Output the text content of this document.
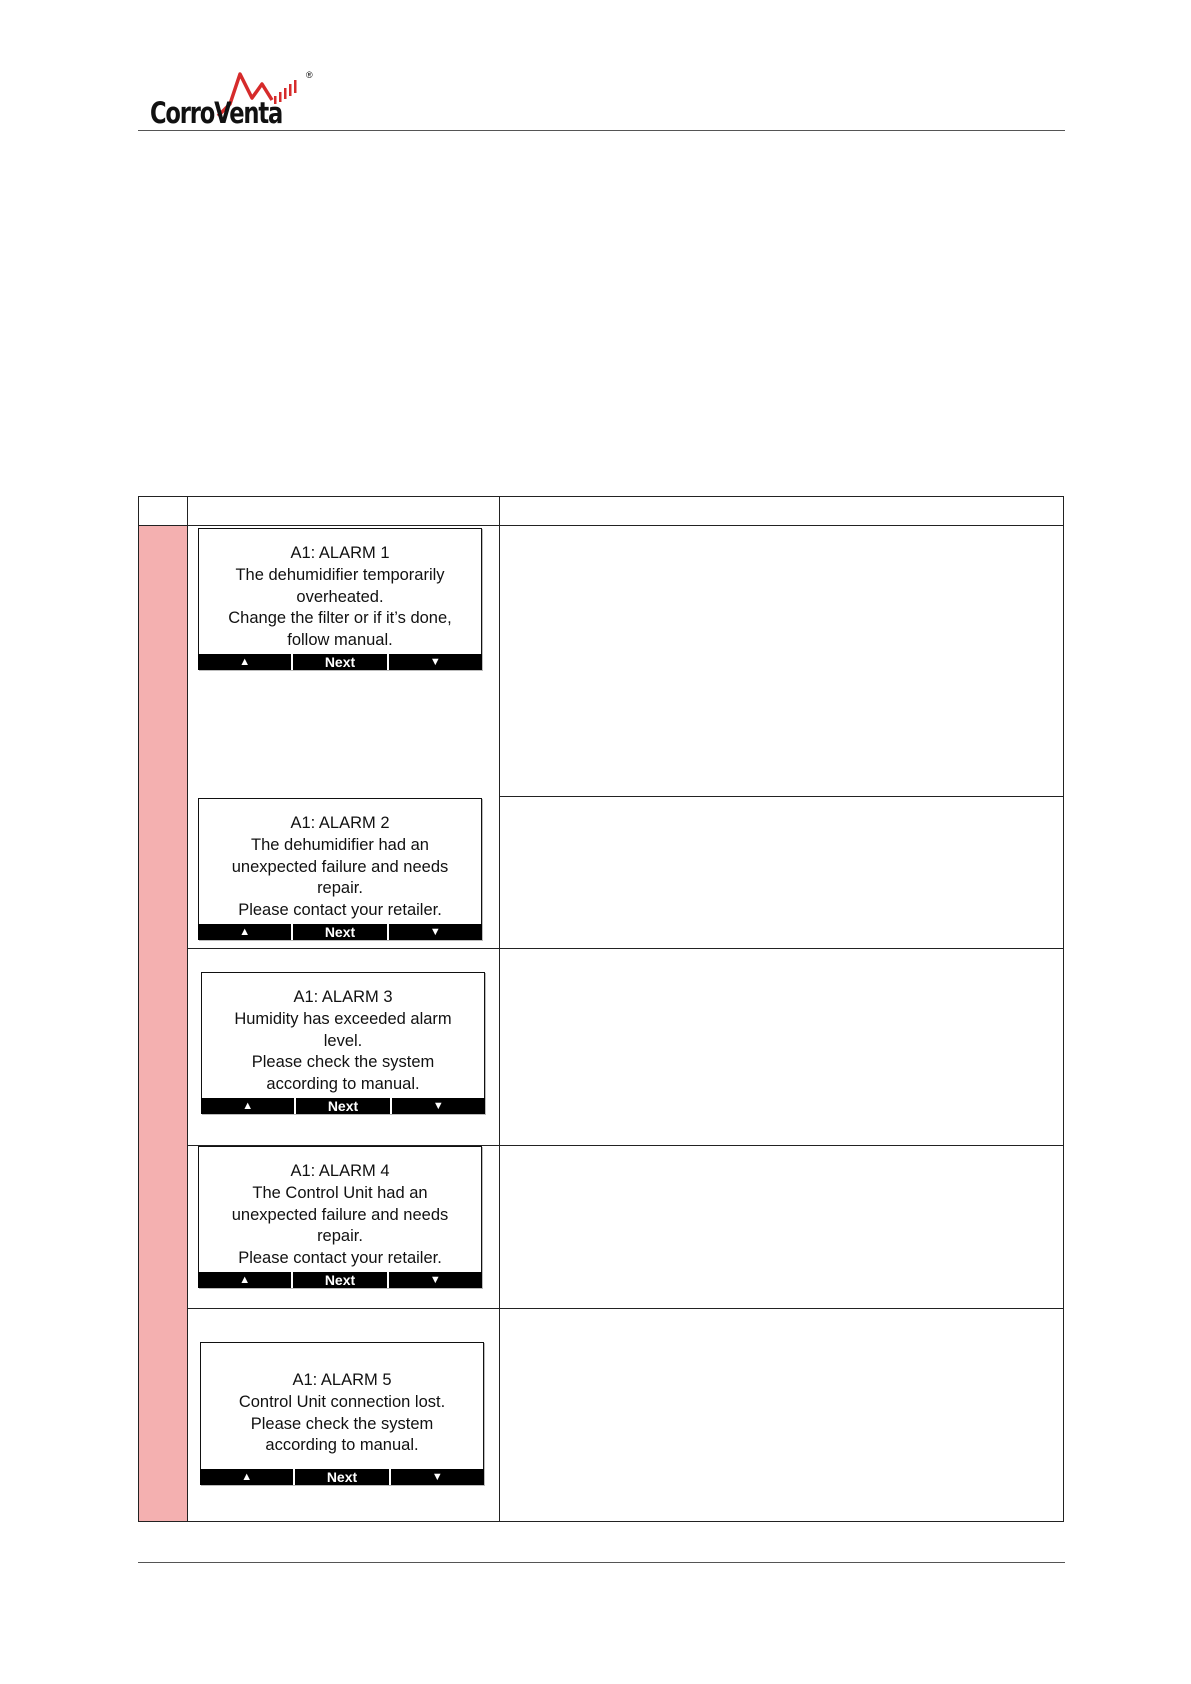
CorroVenta
®
A1: ALARM 1
The dehumidifier temporarily
overheated.
Change the filter or if it’s done,
follow manual.
▲	Next	▼
A1: ALARM 2
The dehumidifier had an
unexpected failure and needs
repair.
Please contact your retailer.
▲	Next	▼
A1: ALARM 3
Humidity has exceeded alarm
level.
Please check the system
according to manual.
▲	Next	▼
A1: ALARM 4
The Control Unit had an
unexpected failure and needs
repair.
Please contact your retailer.
▲	Next	▼
A1: ALARM 5
Control Unit connection lost.
Please check the system
according to manual.
▲	Next	▼
